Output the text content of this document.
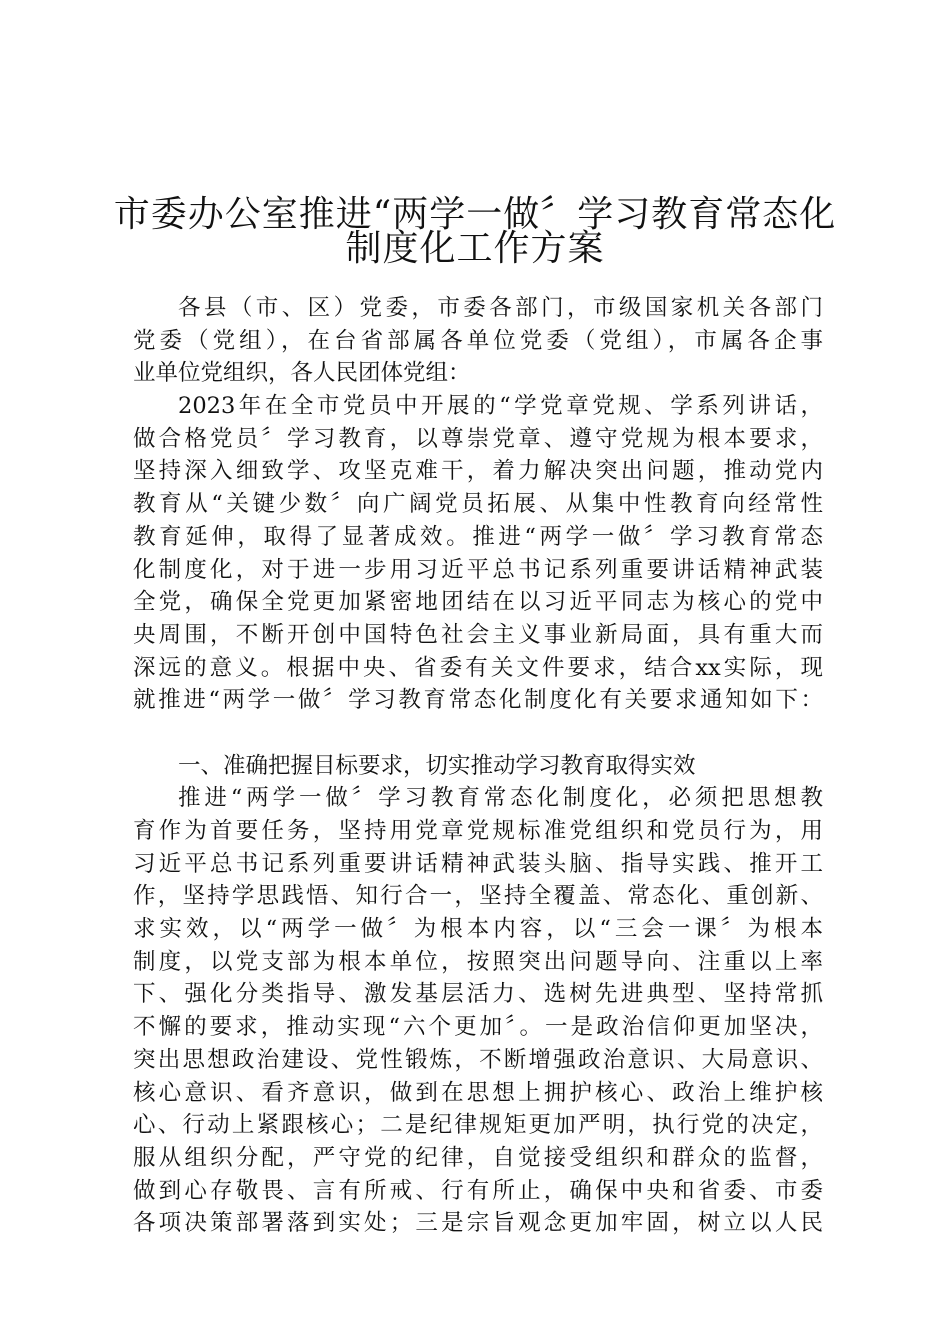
市委办公室推进“两学一做〞学习教育常态化
制度化工作方案
各县（市、区）党委，市委各部门，市级国家机关各部门
党委（党组），在台省部属各单位党委（党组），市属各企事
业单位党组织，各人民团体党组：
2023年在全市党员中开展的“学党章党规、学系列讲话，
做合格党员〞学习教育，以尊崇党章、遵守党规为根本要求，
坚持深入细致学、攻坚克难干，着力解决突出问题，推动党内
教育从“关键少数〞向广阔党员拓展、从集中性教育向经常性
教育延伸，取得了显著成效。推进“两学一做〞学习教育常态
化制度化，对于进一步用习近平总书记系列重要讲话精神武装
全党，确保全党更加紧密地团结在以习近平同志为核心的党中
央周围，不断开创中国特色社会主义事业新局面，具有重大而
深远的意义。根据中央、省委有关文件要求，结合xx实际，现
就推进“两学一做〞学习教育常态化制度化有关要求通知如下：
一、准确把握目标要求，切实推动学习教育取得实效
推进“两学一做〞学习教育常态化制度化，必须把思想教
育作为首要任务，坚持用党章党规标准党组织和党员行为，用
习近平总书记系列重要讲话精神武装头脑、指导实践、推开工
作，坚持学思践悟、知行合一，坚持全覆盖、常态化、重创新、
求实效，以“两学一做〞为根本内容，以“三会一课〞为根本
制度，以党支部为根本单位，按照突出问题导向、注重以上率
下、强化分类指导、激发基层活力、选树先进典型、坚持常抓
不懈的要求，推动实现“六个更加〞。一是政治信仰更加坚决，
突出思想政治建设、党性锻炼，不断增强政治意识、大局意识、
核心意识、看齐意识，做到在思想上拥护核心、政治上维护核
心、行动上紧跟核心；二是纪律规矩更加严明，执行党的决定，
服从组织分配，严守党的纪律，自觉接受组织和群众的监督，
做到心存敬畏、言有所戒、行有所止，确保中央和省委、市委
各项决策部署落到实处；三是宗旨观念更加牢固，树立以人民
